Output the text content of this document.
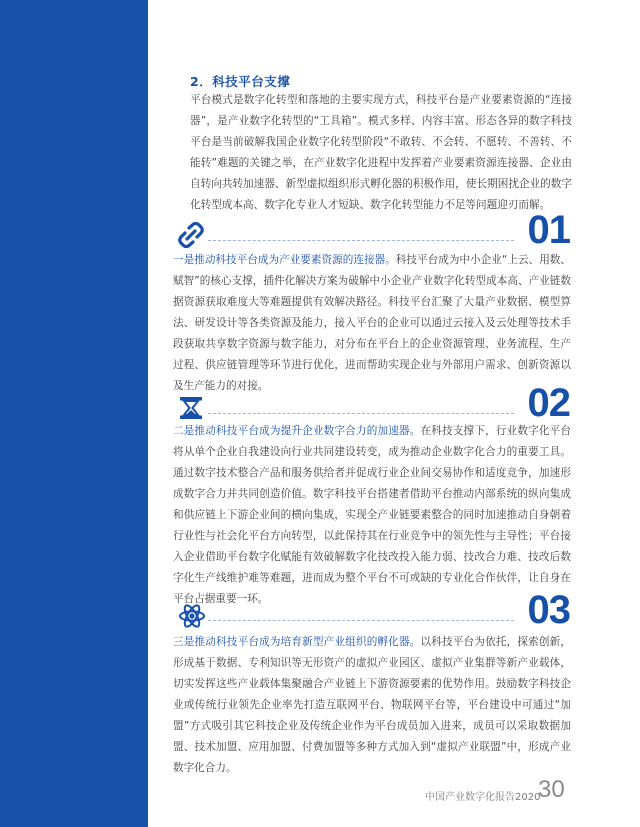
2．科技平台支撑

平台模式是数字化转型和落地的主要实现方式，科技平台是产业要素资源的“连接器”，是产业数字化转型的“工具箱”。模式多样、内容丰富、形态各异的数字科技平台是当前破解我国企业数字化转型阶段“不敢转、不会转、不愿转、不善转、不能转”难题的关键之举，在产业数字化进程中发挥着产业要素资源连接器、企业由自转向共转加速器、新型虚拟组织形式孵化器的积极作用，使长期困扰企业的数字化转型成本高、数字化专业人才短缺、数字化转型能力不足等问题迎刃而解。

01

一是推动科技平台成为产业要素资源的连接器。科技平台成为中小企业“上云、用数、赋智”的核心支撑，插件化解决方案为破解中小企业产业数字化转型成本高、产业链数据资源获取难度大等难题提供有效解决路径。科技平台汇聚了大量产业数据、模型算法、研发设计等各类资源及能力，接入平台的企业可以通过云接入及云处理等技术手段获取共享数字资源与数字能力，对分布在平台上的企业资源管理、业务流程、生产过程、供应链管理等环节进行优化，进而帮助实现企业与外部用户需求、创新资源以及生产能力的对接。	02

二是推动科技平台成为提升企业数字合力的加速器。在科技支撑下，行业数字化平台将从单个企业自我建设向行业共同建设转变，成为推动企业数字化合力的重要工具。通过数字技术整合产品和服务供给者并促成行业企业间交易协作和适度竞争，加速形成数字合力并共同创造价值。数字科技平台搭建者借助平台推动内部系统的纵向集成和供应链上下游企业间的横向集成，实现全产业链要素整合的同时加速推动自身朝着行业性与社会化平台方向转型，以此保持其在行业竞争中的领先性与主导性；平台接入企业借助平台数字化赋能有效破解数字化技改投入能力弱、技改合力难、技改后数字化生产线维护难等难题，进而成为整个平台不可或缺的专业化合作伙伴，让自身在平台占据重要一环。	03

三是推动科技平台成为培育新型产业组织的孵化器。以科技平台为依托，探索创新，形成基于数据、专利知识等无形资产的虚拟产业园区、虚拟产业集群等新产业载体，切实发挥这些产业载体集聚融合产业链上下游资源要素的优势作用。鼓励数字科技企业或传统行业领先企业率先打造互联网平台、物联网平台等，平台建设中可通过“加盟”方式吸引其它科技企业及传统企业作为平台成员加入进来，成员可以采取数据加盟、技术加盟、应用加盟、付费加盟等多种方式加入到“虚拟产业联盟”中，形成产业数字化合力。

中国产业数字化报告2020
30
